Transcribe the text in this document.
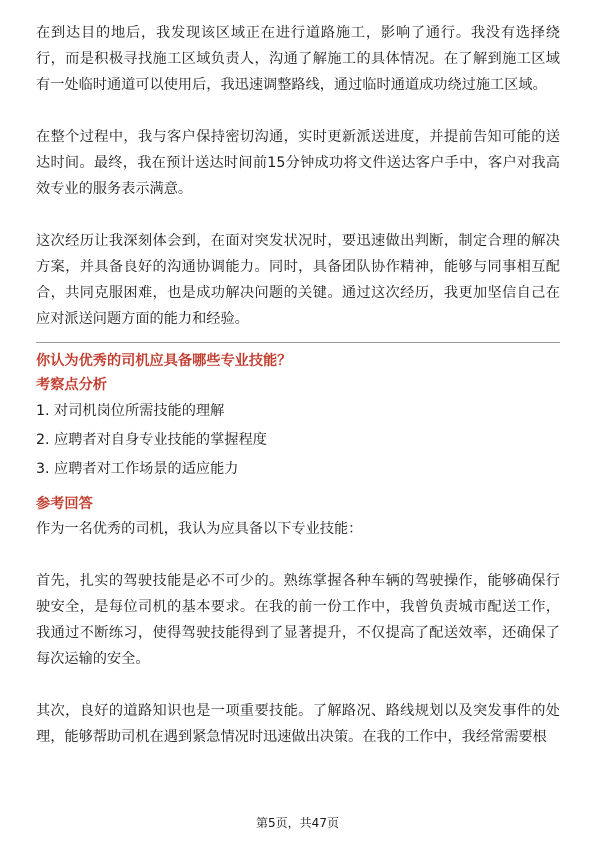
在到达目的地后，我发现该区域正在进行道路施工，影响了通行。我没有选择绕行，而是积极寻找施工区域负责人，沟通了解施工的具体情况。在了解到施工区域有一处临时通道可以使用后，我迅速调整路线，通过临时通道成功绕过施工区域。

在整个过程中，我与客户保持密切沟通，实时更新派送进度，并提前告知可能的送达时间。最终，我在预计送达时间前15分钟成功将文件送达客户手中，客户对我高效专业的服务表示满意。

这次经历让我深刻体会到，在面对突发状况时，要迅速做出判断，制定合理的解决方案，并具备良好的沟通协调能力。同时，具备团队协作精神，能够与同事相互配合，共同克服困难，也是成功解决问题的关键。通过这次经历，我更加坚信自己在应对派送问题方面的能力和经验。

你认为优秀的司机应具备哪些专业技能？

考察点分析

1. 对司机岗位所需技能的理解
2. 应聘者对自身专业技能的掌握程度
3. 应聘者对工作场景的适应能力

参考回答

作为一名优秀的司机，我认为应具备以下专业技能：

首先，扎实的驾驶技能是必不可少的。熟练掌握各种车辆的驾驶操作，能够确保行驶安全，是每位司机的基本要求。在我的前一份工作中，我曾负责城市配送工作，我通过不断练习，使得驾驶技能得到了显著提升，不仅提高了配送效率，还确保了每次运输的安全。

其次，良好的道路知识也是一项重要技能。了解路况、路线规划以及突发事件的处理，能够帮助司机在遇到紧急情况时迅速做出决策。在我的工作中，我经常需要根

第5页，共47页
